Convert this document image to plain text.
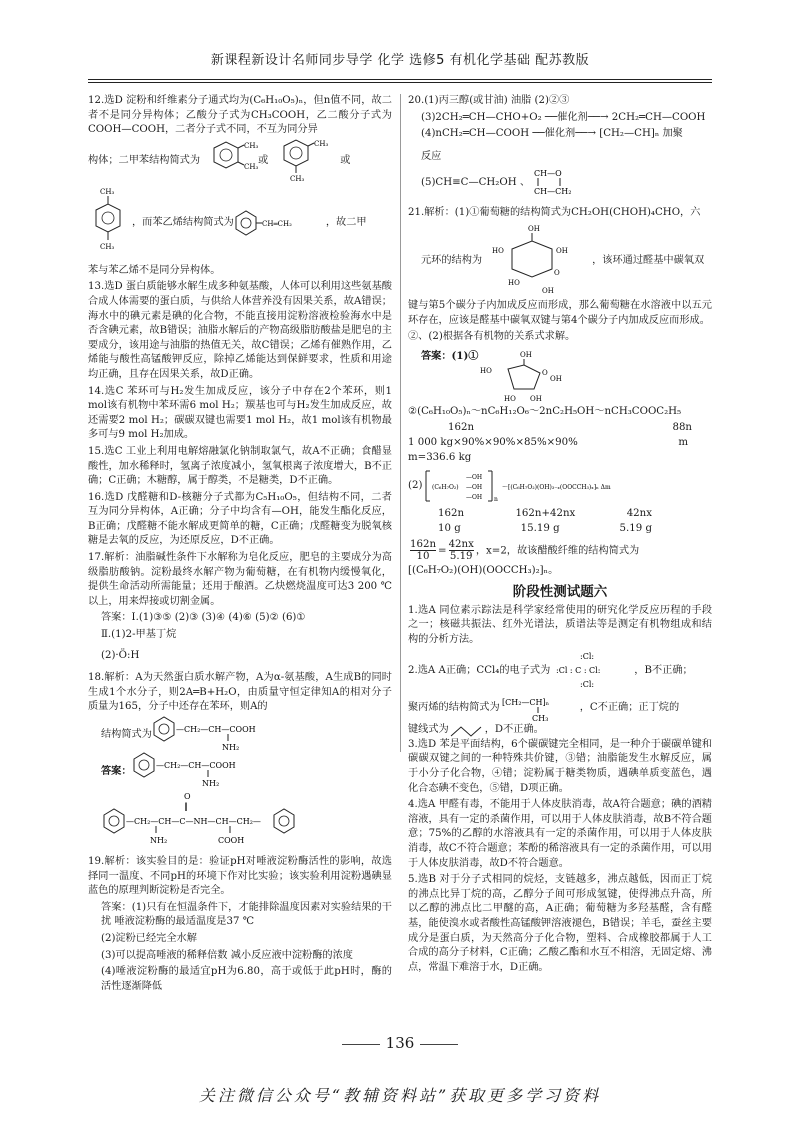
新课程新设计名师同步导学 化学 选修5 有机化学基础 配苏教版

12.选D 淀粉和纤维素分子通式均为(C₆H₁₀O₅)ₙ，但n值不同，故二者不是同分异构体；乙酸分子式为CH₃COOH，乙二酸分子式为COOH—COOH，二者分子式不同，不互为同分异

构体；二甲苯结构简式为
CH₃
CH₃
或
CH₃
CH₃
或

CH₃
CH₃
，而苯乙烯结构简式为	CH═CH₂	，故二甲

苯与苯乙烯不是同分异构体。

13.选D 蛋白质能够水解生成多种氨基酸，人体可以利用这些氨基酸合成人体需要的蛋白质，与供给人体营养没有因果关系，故A错误；海水中的碘元素是碘的化合物，不能直接用淀粉溶液检验海水中是否含碘元素，故B错误；油脂水解后的产物高级脂肪酸盐是肥皂的主要成分，该用途与油脂的热值无关，故C错误；乙烯有催熟作用，乙烯能与酸性高锰酸钾反应，除掉乙烯能达到保鲜要求，性质和用途均正确，且存在因果关系，故D正确。

14.选C 苯环可与H₂发生加成反应，该分子中存在2个苯环，则1 mol该有机物中苯环需6 mol H₂；羰基也可与H₂发生加成反应，故还需要2 mol H₂；碳碳双键也需要1 mol H₂，故1 mol该有机物最多可与9 mol H₂加成。

15.选C 工业上利用电解熔融氯化钠制取氯气，故A不正确；食醋显酸性，加水稀释时，氢离子浓度减小，氢氧根离子浓度增大，B不正确；C正确；木糖醇，属于醇类，不是糖类，D不正确。

16.选D 戊醛糖和D-核糖分子式都为C₅H₁₀O₅，但结构不同，二者互为同分异构体，A正确；分子中均含有—OH，能发生酯化反应，B正确；戊醛糖不能水解成更简单的糖，C正确；戊醛糖变为脱氧核糖是去氧的反应，为还原反应，D不正确。

17.解析：油脂碱性条件下水解称为皂化反应，肥皂的主要成分为高级脂肪酸钠。淀粉最终水解产物为葡萄糖，在有机物内缓慢氧化，提供生命活动所需能量；还用于酿酒。乙炔燃烧温度可达3 200 ℃以上，用来焊接或切割金属。

答案：Ⅰ.(1)③⑤ (2)③ (3)④ (4)⑥ (5)② (6)①

Ⅱ.(1)2-甲基丁烷

(2)·Ö:H

18.解析：A为天然蛋白质水解产物，A为α-氨基酸，A生成B的同时生成1个水分子，则2A═B+H₂O，由质量守恒定律知A的相对分子质量为165，分子中还存在苯环，则A的

结构简式为	—CH₂—CH—COOH
NH₂
答案：	—CH₂—CH—COOH
NH₂
O
‖
—CH₂—CH—C—NH—CH—CH₂—
NH₂	COOH

19.解析：该实验目的是：验证pH对唾液淀粉酶活性的影响，故选择同一温度、不同pH的环境下作对比实验；该实验利用淀粉遇碘显蓝色的原理判断淀粉是否完全。

答案：(1)只有在恒温条件下，才能排除温度因素对实验结果的干扰 唾液淀粉酶的最适温度是37 ℃

(2)淀粉已经完全水解

(3)可以提高唾液的稀释倍数 减小反应液中淀粉酶的浓度

(4)唾液淀粉酶的最适宜pH为6.80，高于或低于此pH时，酶的活性逐渐降低

20.(1)丙三醇(或甘油) 油脂 (2)②③

(3)2CH₂═CH—CHO+O₂ ──催化剂──→ 2CH₂═CH—COOH

(4)nCH₂═CH—COOH ──催化剂──→ [CH₂—CH]ₙ 加聚

反应

(5)CH≡C—CH₂OH 、
CH—O
CH—CH₂

21.解析：(1)①葡萄糖的结构简式为CH₂OH(CHOH)₄CHO，六

元环的结构为
OH
HO	OH
HO
O
OH
，该环通过醛基中碳氧双

键与第5个碳分子内加成反应而形成，那么葡萄糖在水溶液中以五元环存在，应该是醛基中碳氧双键与第4个碳分子内加成反应而形成。

②、(2)根据各有机物的关系式求解。

答案：(1)①	OH
HO	O
OH
HO OH

②(C₆H₁₀O₅)ₙ～nC₆H₁₂O₆～2nC₂H₅OH～nCH₃COOC₂H₅

162n	88n
1 000 kg×90%×90%×85%×90%	m

m=336.6 kg

(2) (C₆H₇O₂)
—OH
—OH
—OH n
～[(C₆H₇O₂)(OH)₃₋ₓ(OOCCH₃)ₓ]ₙ Δm
162n	162n+42nx	42nx
10 g	15.19 g	5.19 g

$\frac{162n}{10} = \frac{42nx}{5.19}$ ，x=2，故该醋酸纤维的结构简式为

[(C₆H₇O₂)(OH)(OOCCH₃)₂]ₙ。

阶段性测试题六

1.选A 同位素示踪法是科学家经常使用的研究化学反应历程的手段之一；核磁共振法、红外光谱法，质谱法等是测定有机物组成和结构的分析方法。

2.选A A正确；CCl₄的电子式为
:Cl:
:Cl : C : Cl:
:Cl:
，B不正确；
聚丙烯的结构简式为 [CH₂—CH]ₙ
CH₃
，C不正确；正丁烷的
键线式为	，D不正确。

3.选D 苯是平面结构，6个碳碳键完全相同，是一种介于碳碳单键和碳碳双键之间的一种特殊共价键，③错；油脂能发生水解反应，属于小分子化合物，④错；淀粉属于糖类物质，遇碘单质变蓝色，遇化合态碘不变色，⑤错，D项正确。

4.选A 甲醛有毒，不能用于人体皮肤消毒，故A符合题意；碘的酒精溶液，具有一定的杀菌作用，可以用于人体皮肤消毒，故B不符合题意；75%的乙醇的水溶液具有一定的杀菌作用，可以用于人体皮肤消毒，故C不符合题意；苯酚的稀溶液具有一定的杀菌作用，可以用于人体皮肤消毒，故D不符合题意。

5.选B 对于分子式相同的烷烃，支链越多，沸点越低，因而正丁烷的沸点比异丁烷的高，乙醇分子间可形成氢键，使得沸点升高，所以乙醇的沸点比二甲醚的高，A正确；葡萄糖为多羟基醛，含有醛基，能使溴水或者酸性高锰酸钾溶液褪色，B错误；羊毛，蚕丝主要成分是蛋白质，为天然高分子化合物，塑料、合成橡胶都属于人工合成的高分子材料，C正确；乙酸乙酯和水互不相溶，无固定熔、沸点，常温下难溶于水，D正确。

136
关注微信公众号“教辅资料站”获取更多学习资料
